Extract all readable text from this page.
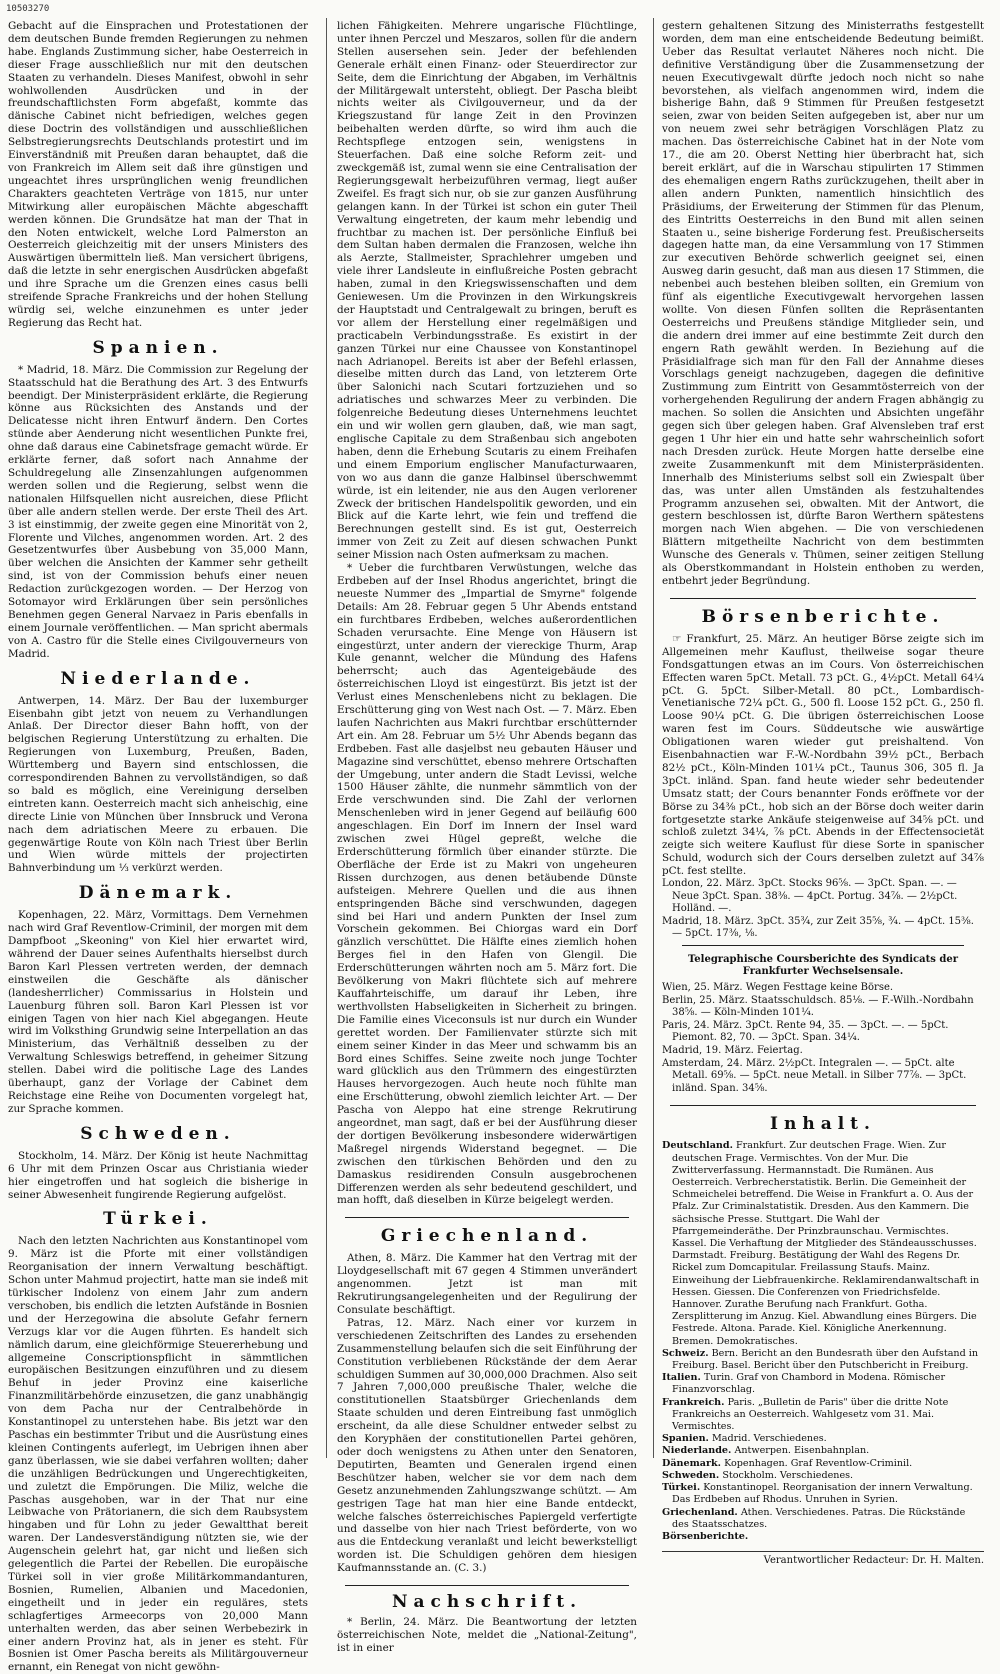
10503270

Gebacht auf die Einsprachen und Protestationen der dem deutschen Bunde fremden Regierungen zu nehmen habe. Englands Zustimmung sicher, habe Oesterreich in dieser Frage ausschließlich nur mit den deutschen Staaten zu verhandeln. Dieses Manifest, obwohl in sehr wohlwollenden Ausdrücken und in der freundschaftlichsten Form abgefaßt, kommte das dänische Cabinet nicht befriedigen, welches gegen diese Doctrin des vollständigen und ausschließlichen Selbstregierungsrechts Deutschlands protestirt und im Einverständniß mit Preußen daran behauptet, daß die von Frankreich im Allem seit daß ihre günstigen und ungeachtet ihres ursprünglichen wenig freundlichen Charakters geachteten Verträge von 1815, nur unter Mitwirkung aller europäischen Mächte abgeschafft werden können. Die Grundsätze hat man der That in den Noten entwickelt, welche Lord Palmerston an Oesterreich gleichzeitig mit der unsers Ministers des Auswärtigen übermitteln ließ. Man versichert übrigens, daß die letzte in sehr energischen Ausdrücken abgefaßt und ihre Sprache um die Grenzen eines casus belli streifende Sprache Frankreichs und der hohen Stellung würdig sei, welche einzunehmen es unter jeder Regierung das Recht hat.

Spanien.

* Madrid, 18. März. Die Commission zur Regelung der Staatsschuld hat die Berathung des Art. 3 des Entwurfs beendigt. Der Ministerpräsident erklärte, die Regierung könne aus Rücksichten des Anstands und der Delicatesse nicht ihren Entwurf ändern. Den Cortes stünde aber Aenderung nicht wesentlichen Punkte frei, ohne daß daraus eine Cabinetsfrage gemacht würde. Er erklärte ferner, daß sofort nach Annahme der Schuldregelung alle Zinsenzahlungen aufgenommen werden sollen und die Regierung, selbst wenn die nationalen Hilfsquellen nicht ausreichen, diese Pflicht über alle andern stellen werde. Der erste Theil des Art. 3 ist einstimmig, der zweite gegen eine Minorität von 2, Florente und Vilches, angenommen worden. Art. 2 des Gesetzentwurfes über Ausbebung von 35,000 Mann, über welchen die Ansichten der Kammer sehr getheilt sind, ist von der Commission behufs einer neuen Redaction zurückgezogen worden. — Der Herzog von Sotomayor wird Erklärungen über sein persönliches Benehmen gegen General Narvaez in Paris ebenfalls in einem Journale veröffentlichen. — Man spricht abermals von A. Castro für die Stelle eines Civilgouverneurs von Madrid.

Niederlande.

Antwerpen, 14. März. Der Bau der luxemburger Eisenbahn gibt jetzt von neuem zu Verhandlungen Anlaß. Der Director dieser Bahn hofft, von der belgischen Regierung Unterstützung zu erhalten. Die Regierungen von Luxemburg, Preußen, Baden, Württemberg und Bayern sind entschlossen, die correspondirenden Bahnen zu vervollständigen, so daß so bald es möglich, eine Vereinigung derselben eintreten kann. Oesterreich macht sich anheischig, eine directe Linie von München über Innsbruck und Verona nach dem adriatischen Meere zu erbauen. Die gegenwärtige Route von Köln nach Triest über Berlin und Wien würde mittels der projectirten Bahnverbindung um ⅓ verkürzt werden.

Dänemark.

Kopenhagen, 22. März, Vormittags. Dem Vernehmen nach wird Graf Reventlow-Criminil, der morgen mit dem Dampfboot „Skeoning" von Kiel hier erwartet wird, während der Dauer seines Aufenthalts hierselbst durch Baron Karl Plessen vertreten werden, der demnach einstweilen die Geschäfte als dänischer (landesherrlicher) Commissarius in Holstein und Lauenburg führen soll. Baron Karl Plessen ist vor einigen Tagen von hier nach Kiel abgegangen. Heute wird im Volksthing Grundwig seine Interpellation an das Ministerium, das Verhältniß desselben zu der Verwaltung Schleswigs betreffend, in geheimer Sitzung stellen. Dabei wird die politische Lage des Landes überhaupt, ganz der Vorlage der Cabinet dem Reichstage eine Reihe von Documenten vorgelegt hat, zur Sprache kommen.

Schweden.

Stockholm, 14. März. Der König ist heute Nachmittag 6 Uhr mit dem Prinzen Oscar aus Christiania wieder hier eingetroffen und hat sogleich die bisherige in seiner Abwesenheit fungirende Regierung aufgelöst.

Türkei.

Nach den letzten Nachrichten aus Konstantinopel vom 9. März ist die Pforte mit einer vollständigen Reorganisation der innern Verwaltung beschäftigt. Schon unter Mahmud projectirt, hatte man sie indeß mit türkischer Indolenz von einem Jahr zum andern verschoben, bis endlich die letzten Aufstände in Bosnien und der Herzegowina die absolute Gefahr fernern Verzugs klar vor die Augen führten. Es handelt sich nämlich darum, eine gleichförmige Steuererhebung und allgemeine Conscriptionspflicht in sämmtlichen europäischen Besitzungen einzuführen und zu diesem Behuf in jeder Provinz eine kaiserliche Finanzmilitärbehörde einzusetzen, die ganz unabhängig von dem Pacha nur der Centralbehörde in Konstantinopel zu unterstehen habe. Bis jetzt war den Paschas ein bestimmter Tribut und die Ausrüstung eines kleinen Contingents auferlegt, im Uebrigen ihnen aber ganz überlassen, wie sie dabei verfahren wollten; daher die unzähligen Bedrückungen und Ungerechtigkeiten, und zuletzt die Empörungen. Die Miliz, welche die Paschas ausgehoben, war in der That nur eine Leibwache von Prätorianern, die sich dem Raubsystem hingaben und für Lohn zu jeder Gewaltthat bereit waren. Der Landesverständigung nützten sie, wie der Augenschein gelehrt hat, gar nicht und ließen sich gelegentlich die Partei der Rebellen. Die europäische Türkei soll in vier große Militärkommandanturen, Bosnien, Rumelien, Albanien und Macedonien, eingetheilt und in jeder ein reguläres, stets schlagfertiges Armeecorps von 20,000 Mann unterhalten werden, das aber seinen Werbebezirk in einer andern Provinz hat, als in jener es steht. Für Bosnien ist Omer Pascha bereits als Militärgouverneur ernannt, ein Renegat von nicht gewöhn-

lichen Fähigkeiten. Mehrere ungarische Flüchtlinge, unter ihnen Perczel und Meszaros, sollen für die andern Stellen ausersehen sein. Jeder der befehlenden Generale erhält einen Finanz- oder Steuerdirector zur Seite, dem die Einrichtung der Abgaben, im Verhältnis der Militärgewalt untersteht, obliegt. Der Pascha bleibt nichts weiter als Civilgouverneur, und da der Kriegszustand für lange Zeit in den Provinzen beibehalten werden dürfte, so wird ihm auch die Rechtspflege entzogen sein, wenigstens in Steuerfachen. Daß eine solche Reform zeit- und zweckgemäß ist, zumal wenn sie eine Centralisation der Regierungsgewalt herbeizuführen vermag, liegt außer Zweifel. Es fragt sich nur, ob sie zur ganzen Ausführung gelangen kann. In der Türkei ist schon ein guter Theil Verwaltung eingetreten, der kaum mehr lebendig und fruchtbar zu machen ist. Der persönliche Einfluß bei dem Sultan haben dermalen die Franzosen, welche ihn als Aerzte, Stallmeister, Sprachlehrer umgeben und viele ihrer Landsleute in einflußreiche Posten gebracht haben, zumal in den Kriegswissenschaften und dem Geniewesen. Um die Provinzen in den Wirkungskreis der Hauptstadt und Centralgewalt zu bringen, beruft es vor allem der Herstellung einer regelmäßigen und practicabeln Verbindungsstraße. Es existirt in der ganzen Türkei nur eine Chaussee von Konstantinopel nach Adrianopel. Bereits ist aber der Befehl erlassen, dieselbe mitten durch das Land, von letzterem Orte über Salonichi nach Scutari fortzuziehen und so adriatisches und schwarzes Meer zu verbinden. Die folgenreiche Bedeutung dieses Unternehmens leuchtet ein und wir wollen gern glauben, daß, wie man sagt, englische Capitale zu dem Straßenbau sich angeboten haben, denn die Erhebung Scutaris zu einem Freihafen und einem Emporium englischer Manufacturwaaren, von wo aus dann die ganze Halbinsel überschwemmt würde, ist ein leitender, nie aus den Augen verlorener Zweck der britischen Handelspolitik geworden, und ein Blick auf die Karte lehrt, wie fein und treffend die Berechnungen gestellt sind. Es ist gut, Oesterreich immer von Zeit zu Zeit auf diesen schwachen Punkt seiner Mission nach Osten aufmerksam zu machen.

* Ueber die furchtbaren Verwüstungen, welche das Erdbeben auf der Insel Rhodus angerichtet, bringt die neueste Nummer des „Impartial de Smyrne" folgende Details: Am 28. Februar gegen 5 Uhr Abends entstand ein furchtbares Erdbeben, welches außerordentlichen Schaden verursachte. Eine Menge von Häusern ist eingestürzt, unter andern der viereckige Thurm, Arap Kule genannt, welcher die Mündung des Hafens beherrscht; auch das Agenteigebäude des österreichischen Lloyd ist eingestürzt. Bis jetzt ist der Verlust eines Menschenlebens nicht zu beklagen. Die Erschütterung ging von West nach Ost. — 7. März. Eben laufen Nachrichten aus Makri furchtbar erschütternder Art ein. Am 28. Februar um 5½ Uhr Abends begann das Erdbeben. Fast alle dasjelbst neu gebauten Häuser und Magazine sind verschüttet, ebenso mehrere Ortschaften der Umgebung, unter andern die Stadt Levissi, welche 1500 Häuser zählte, die nunmehr sämmtlich von der Erde verschwunden sind. Die Zahl der verlornen Menschenleben wird in jener Gegend auf beiläufig 600 angeschlagen. Ein Dorf im Innern der Insel ward zwischen zwei Hügel gepreßt, welche die Erderschütterung förmlich über einander stürzte. Die Oberfläche der Erde ist zu Makri von ungeheuren Rissen durchzogen, aus denen betäubende Dünste aufsteigen. Mehrere Quellen und die aus ihnen entspringenden Bäche sind verschwunden, dagegen sind bei Hari und andern Punkten der Insel zum Vorschein gekommen. Bei Chiorgas ward ein Dorf gänzlich verschüttet. Die Hälfte eines ziemlich hohen Berges fiel in den Hafen von Glengil. Die Erderschütterungen währten noch am 5. März fort. Die Bevölkerung von Makri flüchtete sich auf mehrere Kauffahrteischiffe, um darauf ihr Leben, ihre werthvollsten Habseligkeiten in Sicherheit zu bringen. Die Familie eines Viceconsuls ist nur durch ein Wunder gerettet worden. Der Familienvater stürzte sich mit einem seiner Kinder in das Meer und schwamm bis an Bord eines Schiffes. Seine zweite noch junge Tochter ward glücklich aus den Trümmern des eingestürzten Hauses hervorgezogen. Auch heute noch fühlte man eine Erschütterung, obwohl ziemlich leichter Art. — Der Pascha von Aleppo hat eine strenge Rekrutirung angeordnet, man sagt, daß er bei der Ausführung dieser der dortigen Bevölkerung insbesondere widerwärtigen Maßregel nirgends Widerstand begegnet. — Die zwischen den türkischen Behörden und den zu Damaskus residirenden Consuln ausgebrochenen Differenzen werden als sehr bedeutend geschildert, und man hofft, daß dieselben in Kürze beigelegt werden.

Griechenland.

Athen, 8. März. Die Kammer hat den Vertrag mit der Lloydgesellschaft mit 67 gegen 4 Stimmen unverändert angenommen. Jetzt ist man mit Rekrutirungsangelegenheiten und der Regulirung der Consulate beschäftigt.

Patras, 12. März. Nach einer vor kurzem in verschiedenen Zeitschriften des Landes zu ersehenden Zusammenstellung belaufen sich die seit Einführung der Constitution verbliebenen Rückstände der dem Aerar schuldigen Summen auf 30,000,000 Drachmen. Also seit 7 Jahren 7,000,000 preußische Thaler, welche die constitutionellen Staatsbürger Griechenlands dem Staate schulden und deren Eintreibung fast unmöglich erscheint, da alle diese Schuldner entweder selbst zu den Koryphäen der constitutionellen Partei gehören, oder doch wenigstens zu Athen unter den Senatoren, Deputirten, Beamten und Generalen irgend einen Beschützer haben, welcher sie vor dem nach dem Gesetz anzunehmenden Zahlungszwange schützt. — Am gestrigen Tage hat man hier eine Bande entdeckt, welche falsches österreichisches Papiergeld verfertigte und dasselbe von hier nach Triest beförderte, von wo aus die Entdeckung veranlaßt und leicht bewerkstelligt worden ist. Die Schuldigen gehören dem hiesigen Kaufmannsstande an. (C. 3.)

Nachschrift.

* Berlin, 24. März. Die Beantwortung der letzten österreichischen Note, meldet die „National-Zeitung", ist in einer

gestern gehaltenen Sitzung des Ministerraths festgestellt worden, dem man eine entscheidende Bedeutung beimißt. Ueber das Resultat verlautet Näheres noch nicht. Die definitive Verständigung über die Zusammensetzung der neuen Executivgewalt dürfte jedoch noch nicht so nahe bevorstehen, als vielfach angenommen wird, indem die bisherige Bahn, daß 9 Stimmen für Preußen festgesetzt seien, zwar von beiden Seiten aufgegeben ist, aber nur um von neuem zwei sehr beträgigen Vorschlägen Platz zu machen. Das österreichische Cabinet hat in der Note vom 17., die am 20. Oberst Netting hier überbracht hat, sich bereit erklärt, auf die in Warschau stipulirten 17 Stimmen des ehemaligen engern Raths zurückzugehen, theilt aber in allen andern Punkten, namentlich hinsichtlich des Präsidiums, der Erweiterung der Stimmen für das Plenum, des Eintritts Oesterreichs in den Bund mit allen seinen Staaten u., seine bisherige Forderung fest. Preußischerseits dagegen hatte man, da eine Versammlung von 17 Stimmen zur executiven Behörde schwerlich geeignet sei, einen Ausweg darin gesucht, daß man aus diesen 17 Stimmen, die nebenbei auch bestehen bleiben sollten, ein Gremium von fünf als eigentliche Executivgewalt hervorgehen lassen wollte. Von diesen Fünfen sollten die Repräsentanten Oesterreichs und Preußens ständige Mitglieder sein, und die andern drei immer auf eine bestimmte Zeit durch den engern Rath gewählt werden. In Beziehung auf die Präsidialfrage sich man für den Fall der Annahme dieses Vorschlags geneigt nachzugeben, dagegen die definitive Zustimmung zum Eintritt von Gesammtösterreich von der vorhergehenden Regulirung der andern Fragen abhängig zu machen. So sollen die Ansichten und Absichten ungefähr gegen sich über gelegen haben. Graf Alvensleben traf erst gegen 1 Uhr hier ein und hatte sehr wahrscheinlich sofort nach Dresden zurück. Heute Morgen hatte derselbe eine zweite Zusammenkunft mit dem Ministerpräsidenten. Innerhalb des Ministeriums selbst soll ein Zwiespalt über das, was unter allen Umständen als festzuhaltendes Programm anzusehen sei, obwalten. Mit der Antwort, die gestern beschlossen ist, dürfte Baron Werthern spätestens morgen nach Wien abgehen. — Die von verschiedenen Blättern mitgetheilte Nachricht von dem bestimmten Wunsche des Generals v. Thümen, seiner zeitigen Stellung als Oberstkommandant in Holstein enthoben zu werden, entbehrt jeder Begründung.

Börsenberichte.

☞ Frankfurt, 25. März. An heutiger Börse zeigte sich im Allgemeinen mehr Kauflust, theilweise sogar theure Fondsgattungen etwas an im Cours. Von österreichischen Effecten waren 5pCt. Metall. 73 pCt. G., 4½pCt. Metall 64¼ pCt. G. 5pCt. Silber-Metall. 80 pCt., Lombardisch-Venetianische 72¼ pCt. G., 500 fl. Loose 152 pCt. G., 250 fl. Loose 90¼ pCt. G. Die übrigen österreichischen Loose waren fest im Cours. Süddeutsche wie auswärtige Obligationen waren wieder gut preishaltend. Von Eisenbahnactien war F.-W.-Nordbahn 39½ pCt., Berbach 82½ pCt., Köln-Minden 101¼ pCt., Taunus 306, 305 fl. Ja 3pCt. inländ. Span. fand heute wieder sehr bedeutender Umsatz statt; der Cours benannter Fonds eröffnete vor der Börse zu 34⅜ pCt., hob sich an der Börse doch weiter darin fortgesetzte starke Ankäufe steigenweise auf 34⅝ pCt. und schloß zuletzt 34¼, ⅞ pCt. Abends in der Effectensocietät zeigte sich weitere Kauflust für diese Sorte in spanischer Schuld, wodurch sich der Cours derselben zuletzt auf 34⅞ pCt. fest stellte.

London, 22. März. 3pCt. Stocks 96⅝. — 3pCt. Span. —. — Neue 3pCt. Span. 38⅜. — 4pCt. Portug. 34⅞. — 2½pCt. Holländ. —.

Madrid, 18. März. 3pCt. 35¾, zur Zeit 35⅝, ¾. — 4pCt. 15⅜. — 5pCt. 17⅜, ⅛.

Telegraphische Coursberichte des Syndicats der Frankfurter Wechselsensale.

Wien, 25. März. Wegen Festtage keine Börse.

Berlin, 25. März. Staatsschuldsch. 85⅛. — F.-Wilh.-Nordbahn 38⅝. — Köln-Minden 101¼.

Paris, 24. März. 3pCt. Rente 94, 35. — 3pCt. —. — 5pCt. Piemont. 82, 70. — 3pCt. Span. 34¼.

Madrid, 19. März. Feiertag.

Amsterdam, 24. März. 2½pCt. Integralen —. — 5pCt. alte Metall. 69⅝. — 5pCt. neue Metall. in Silber 77⅞. — 3pCt. inländ. Span. 34⅝.

Inhalt.

Deutschland. Frankfurt. Zur deutschen Frage. Wien. Zur deutschen Frage. Vermischtes. Von der Mur. Die Zwitterverfassung. Hermannstadt. Die Rumänen. Aus Oesterreich. Verbrecherstatistik. Berlin. Die Gemeinheit der Schmeichelei betreffend. Die Weise in Frankfurt a. O. Aus der Pfalz. Zur Criminalstatistik. Dresden. Aus den Kammern. Die sächsische Presse. Stuttgart. Die Wahl der Pfarrgemeinderäthe. Der Prinzbraunschau. Vermischtes. Kassel. Die Verhaftung der Mitglieder des Ständeausschusses. Darmstadt. Freiburg. Bestätigung der Wahl des Regens Dr. Rickel zum Domcapitular. Freilassung Staufs. Mainz. Einweihung der Liebfrauenkirche. Reklamirendanwaltschaft in Hessen. Giessen. Die Conferenzen von Friedrichsfelde. Hannover. Zurathe Berufung nach Frankfurt. Gotha. Zersplitterung im Anzug. Kiel. Abwandlung eines Bürgers. Die Festrede. Altona. Parade. Kiel. Königliche Anerkennung. Bremen. Demokratisches.

Schweiz. Bern. Bericht an den Bundesrath über den Aufstand in Freiburg. Basel. Bericht über den Putschbericht in Freiburg.

Italien. Turin. Graf von Chambord in Modena. Römischer Finanzvorschlag.

Frankreich. Paris. „Bulletin de Paris" über die dritte Note Frankreichs an Oesterreich. Wahlgesetz vom 31. Mai. Vermischtes.

Spanien. Madrid. Verschiedenes.

Niederlande. Antwerpen. Eisenbahnplan.

Dänemark. Kopenhagen. Graf Reventlow-Criminil.

Schweden. Stockholm. Verschiedenes.

Türkei. Konstantinopel. Reorganisation der innern Verwaltung. Das Erdbeben auf Rhodus. Unruhen in Syrien.

Griechenland. Athen. Verschiedenes. Patras. Die Rückstände des Staatsschatzes.

Börsenberichte.

Verantwortlicher Redacteur: Dr. H. Malten.
